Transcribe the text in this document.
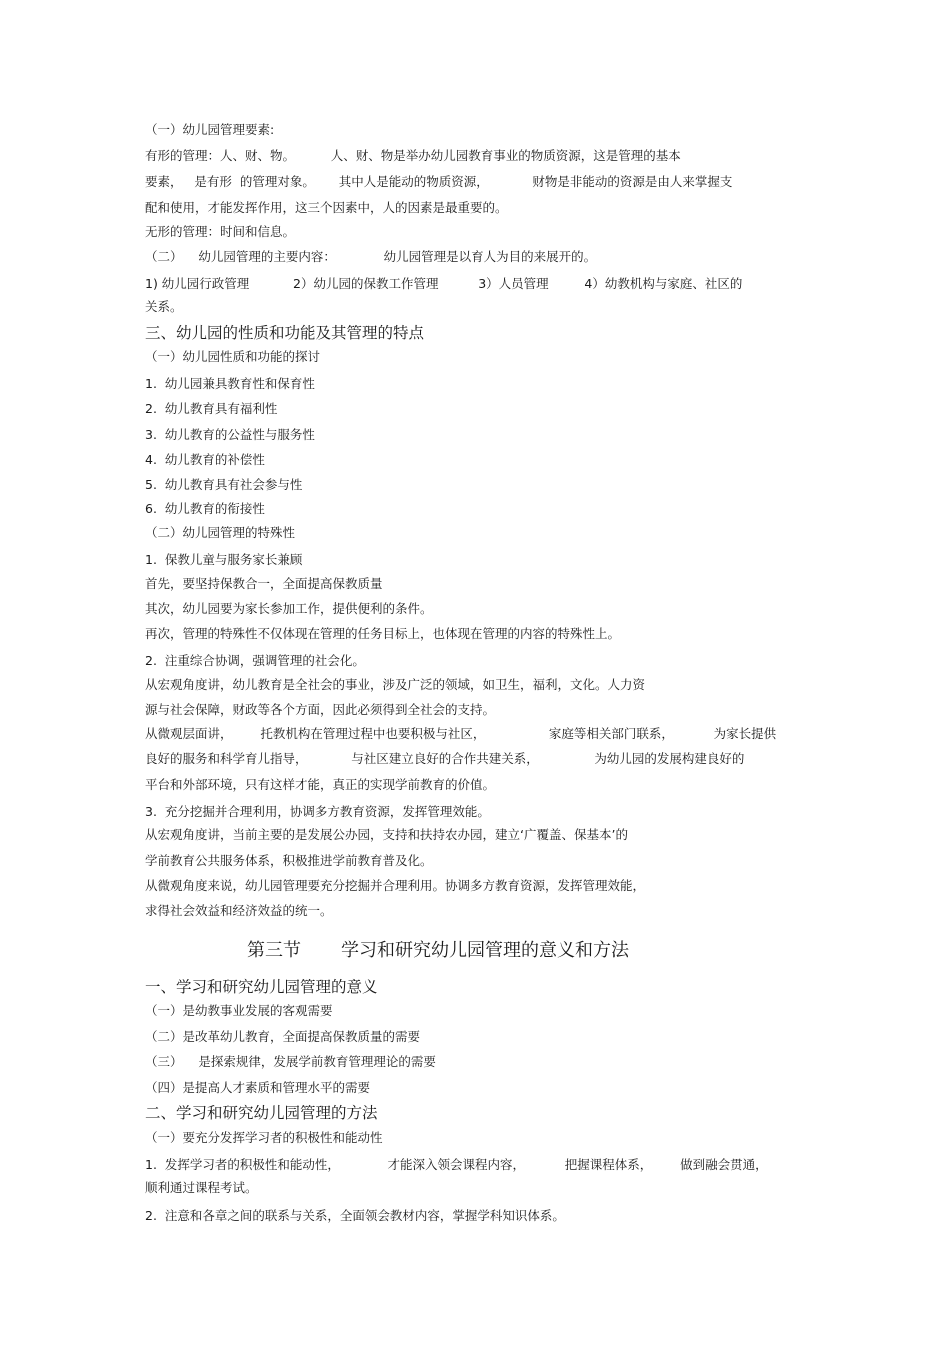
（一）幼儿园管理要素:
有形的管理：人、财、物。         人、财、物是举办幼儿园教育事业的物质资源，这是管理的基本
要素，   是有形  的管理对象。      其中人是能动的物质资源，           财物是非能动的资源是由人来掌握支
配和使用，才能发挥作用，这三个因素中，人的因素是最重要的。
无形的管理：时间和信息。
（二）    幼儿园管理的主要内容：            幼儿园管理是以育人为目的来展开的。
1) 幼儿园行政管理           2）幼儿园的保教工作管理          3）人员管理         4）幼教机构与家庭、社区的
关系。
三、幼儿园的性质和功能及其管理的特点
（一）幼儿园性质和功能的探讨
1.  幼儿园兼具教育性和保育性
2.  幼儿教育具有福利性
3.  幼儿教育的公益性与服务性
4.  幼儿教育的补偿性
5.  幼儿教育具有社会参与性
6.  幼儿教育的衔接性
（二）幼儿园管理的特殊性
1.  保教儿童与服务家长兼顾
首先，要坚持保教合一，全面提高保教质量
其次，幼儿园要为家长参加工作，提供便利的条件。
再次，管理的特殊性不仅体现在管理的任务目标上，也体现在管理的内容的特殊性上。
2.  注重综合协调，强调管理的社会化。
从宏观角度讲，幼儿教育是全社会的事业，涉及广泛的领域，如卫生，福利，文化。人力资
源与社会保障，财政等各个方面，因此必须得到全社会的支持。
从微观层面讲，       托教机构在管理过程中也要积极与社区，                家庭等相关部门联系，          为家长提供
良好的服务和科学育儿指导，           与社区建立良好的合作共建关系，              为幼儿园的发展构建良好的
平台和外部环境，只有这样才能，真正的实现学前教育的价值。
3.  充分挖掘并合理利用，协调多方教育资源，发挥管理效能。
从宏观角度讲，当前主要的是发展公办园，支持和扶持农办园，建立‘广覆盖、保基本’的
学前教育公共服务体系，积极推进学前教育普及化。
从微观角度来说，幼儿园管理要充分挖掘并合理利用。协调多方教育资源，发挥管理效能，
求得社会效益和经济效益的统一。
第三节       学习和研究幼儿园管理的意义和方法
一、学习和研究幼儿园管理的意义
（一）是幼教事业发展的客观需要
（二）是改革幼儿教育，全面提高保教质量的需要
（三）    是探索规律，发展学前教育管理理论的需要
（四）是提高人才素质和管理水平的需要
二、学习和研究幼儿园管理的方法
（一）要充分发挥学习者的积极性和能动性
1.  发挥学习者的积极性和能动性，            才能深入领会课程内容，          把握课程体系，       做到融会贯通，
顺利通过课程考试。
2.  注意和各章之间的联系与关系，全面领会教材内容，掌握学科知识体系。
